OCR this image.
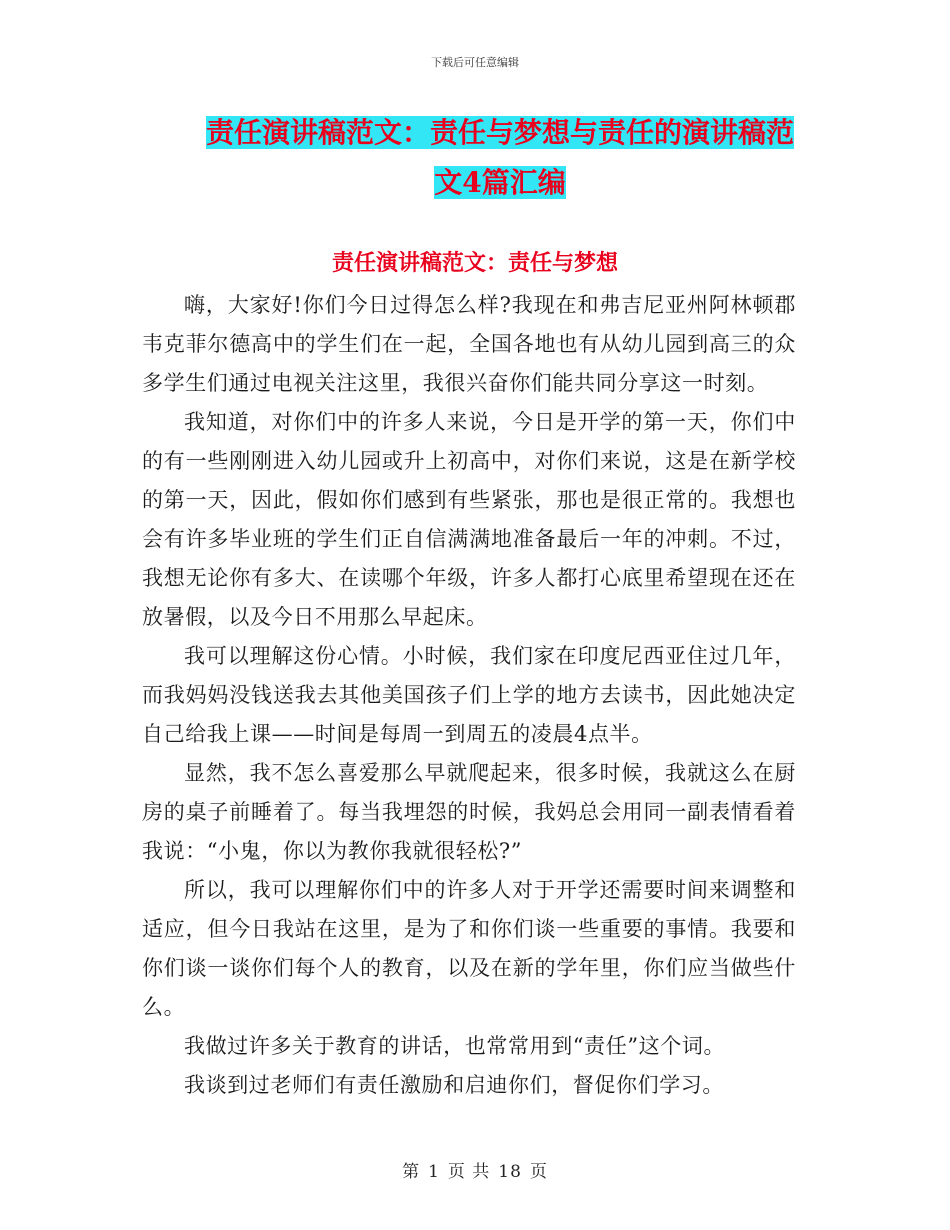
下载后可任意编辑
责任演讲稿范文：责任与梦想与责任的演讲稿范文4篇汇编
责任演讲稿范文：责任与梦想

嗨，大家好!你们今日过得怎么样?我现在和弗吉尼亚州阿林顿郡韦克菲尔德高中的学生们在一起，全国各地也有从幼儿园到高三的众多学生们通过电视关注这里，我很兴奋你们能共同分享这一时刻。

我知道，对你们中的许多人来说，今日是开学的第一天，你们中的有一些刚刚进入幼儿园或升上初高中，对你们来说，这是在新学校的第一天，因此，假如你们感到有些紧张，那也是很正常的。我想也会有许多毕业班的学生们正自信满满地准备最后一年的冲刺。不过，我想无论你有多大、在读哪个年级，许多人都打心底里希望现在还在放暑假，以及今日不用那么早起床。

我可以理解这份心情。小时候，我们家在印度尼西亚住过几年，而我妈妈没钱送我去其他美国孩子们上学的地方去读书，因此她决定自己给我上课——时间是每周一到周五的凌晨4点半。

显然，我不怎么喜爱那么早就爬起来，很多时候，我就这么在厨房的桌子前睡着了。每当我埋怨的时候，我妈总会用同一副表情看着我说：“小鬼，你以为教你我就很轻松?”

所以，我可以理解你们中的许多人对于开学还需要时间来调整和适应，但今日我站在这里，是为了和你们谈一些重要的事情。我要和你们谈一谈你们每个人的教育，以及在新的学年里，你们应当做些什么。

我做过许多关于教育的讲话，也常常用到“责任”这个词。

我谈到过老师们有责任激励和启迪你们，督促你们学习。

第 1 页 共 18 页
